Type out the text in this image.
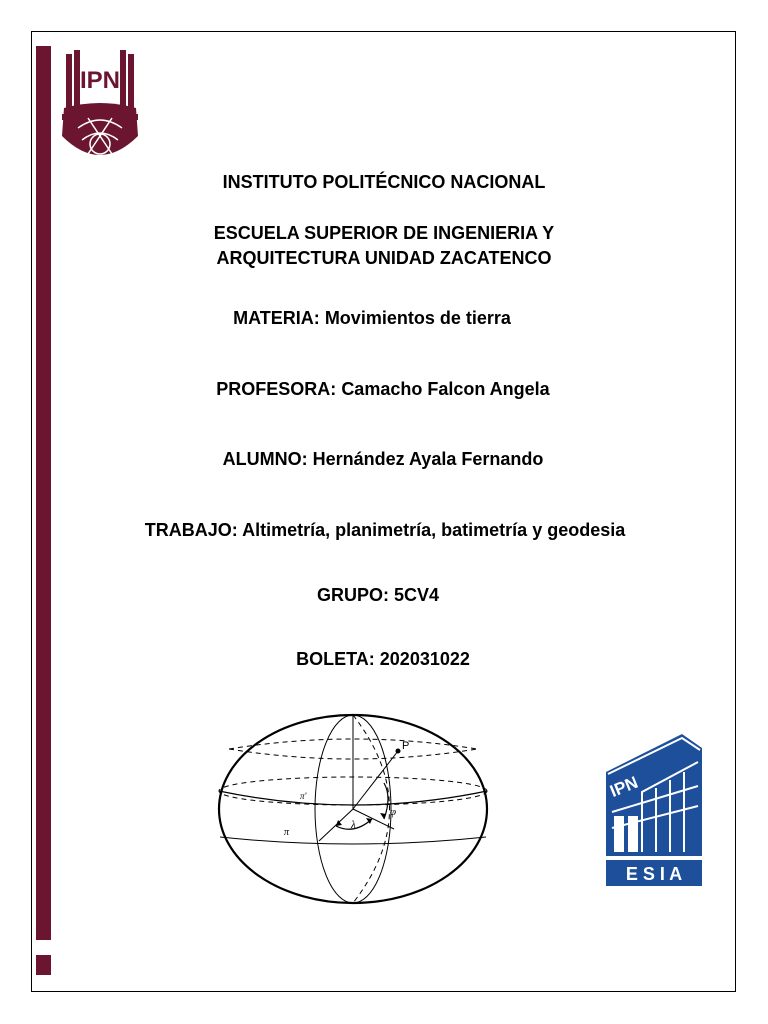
IPN
INSTITUTO POLITÉCNICO NACIONAL
ESCUELA SUPERIOR DE INGENIERIA Y
ARQUITECTURA UNIDAD ZACATENCO
MATERIA: Movimientos de tierra
PROFESORA: Camacho Falcon Angela
ALUMNO: Hernández Ayala Fernando
TRABAJO: Altimetría, planimetría, batimetría y geodesia
GRUPO: 5CV4
BOLETA: 202031022
P
φ
λ
π
π'	IPN
E S I A
